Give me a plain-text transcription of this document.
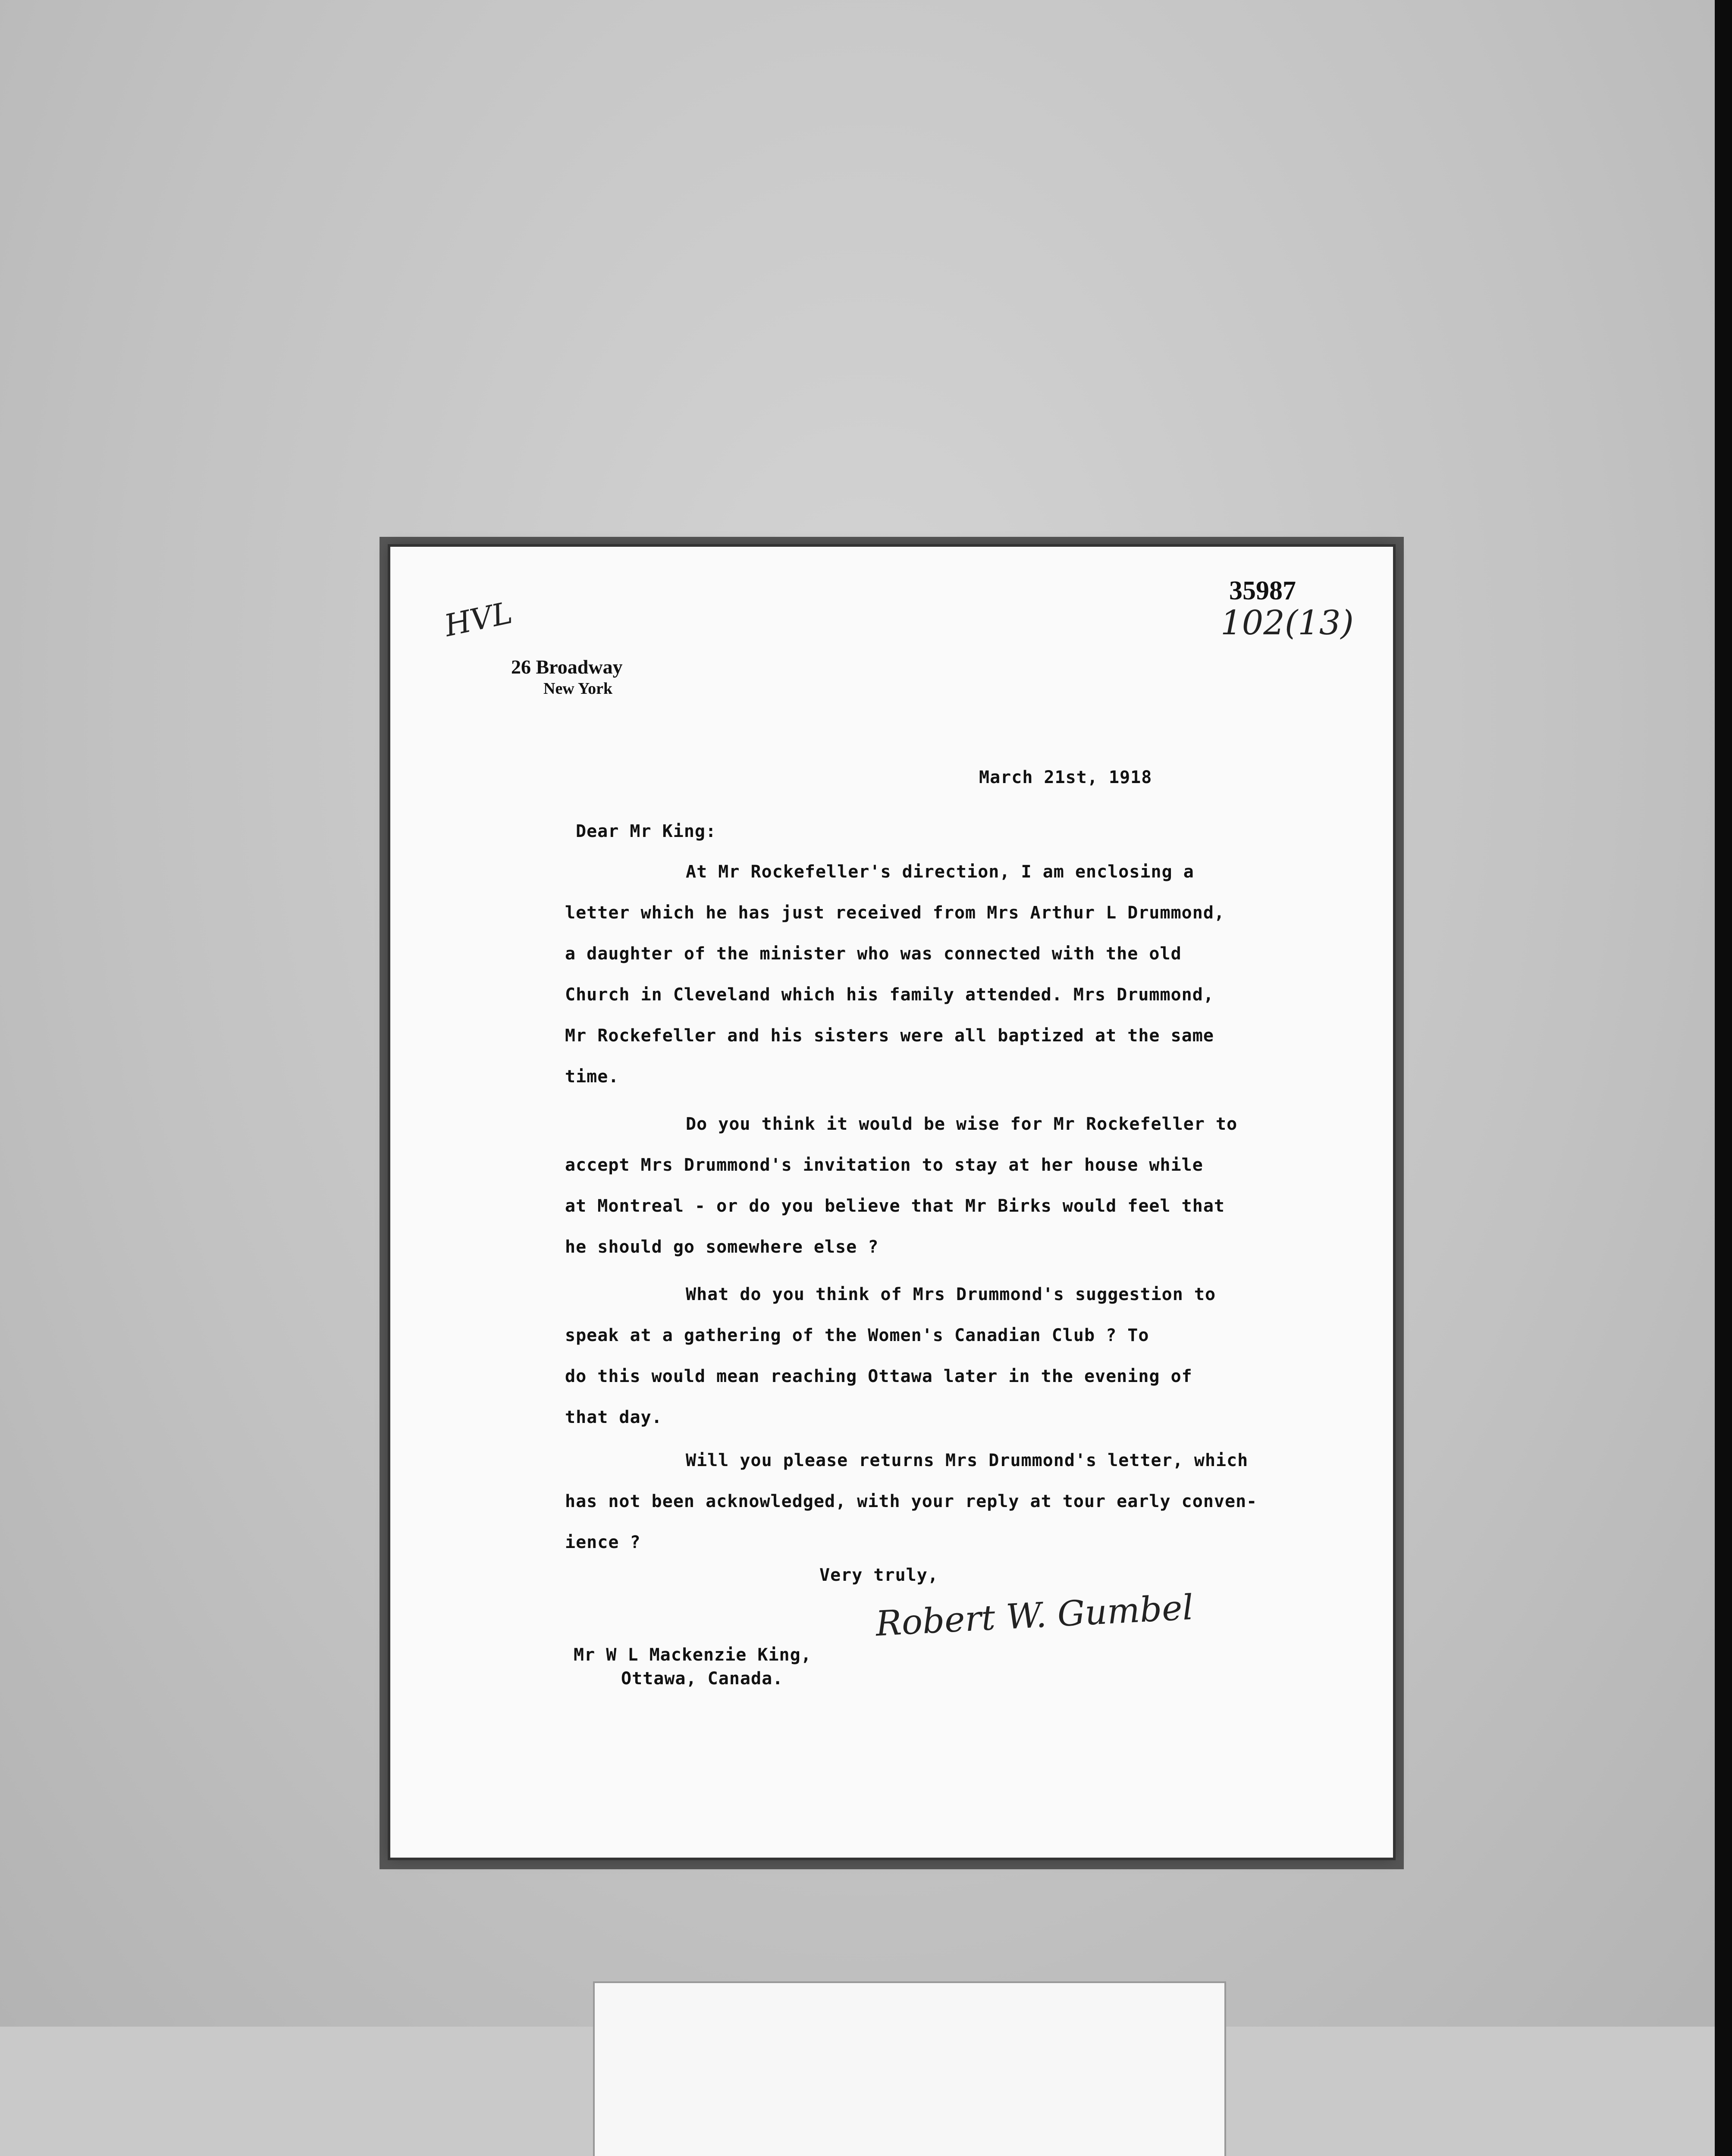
HVL
35987
102(13)
26 Broadway
New York
March 21st, 1918
Dear Mr King:
At Mr Rockefeller's direction, I am enclosing a
letter which he has just received from Mrs Arthur L Drummond,
a daughter of the minister who was connected with the old
Church in Cleveland which his family attended. Mrs Drummond,
Mr Rockefeller and his sisters were all baptized at the same
time.
Do you think it would be wise for Mr Rockefeller to
accept Mrs Drummond's invitation to stay at her house while
at Montreal - or do you believe that Mr Birks would feel that
he should go somewhere else ?
What do you think of Mrs Drummond's suggestion to
speak at a gathering of the Women's Canadian Club ? To
do this would mean reaching Ottawa later in the evening of
that day.
Will you please returns Mrs Drummond's letter, which
has not been acknowledged, with your reply at tour early conven-
ience ?
Very truly,
Robert W. Gumbel
Mr W L Mackenzie King,
Ottawa, Canada.
